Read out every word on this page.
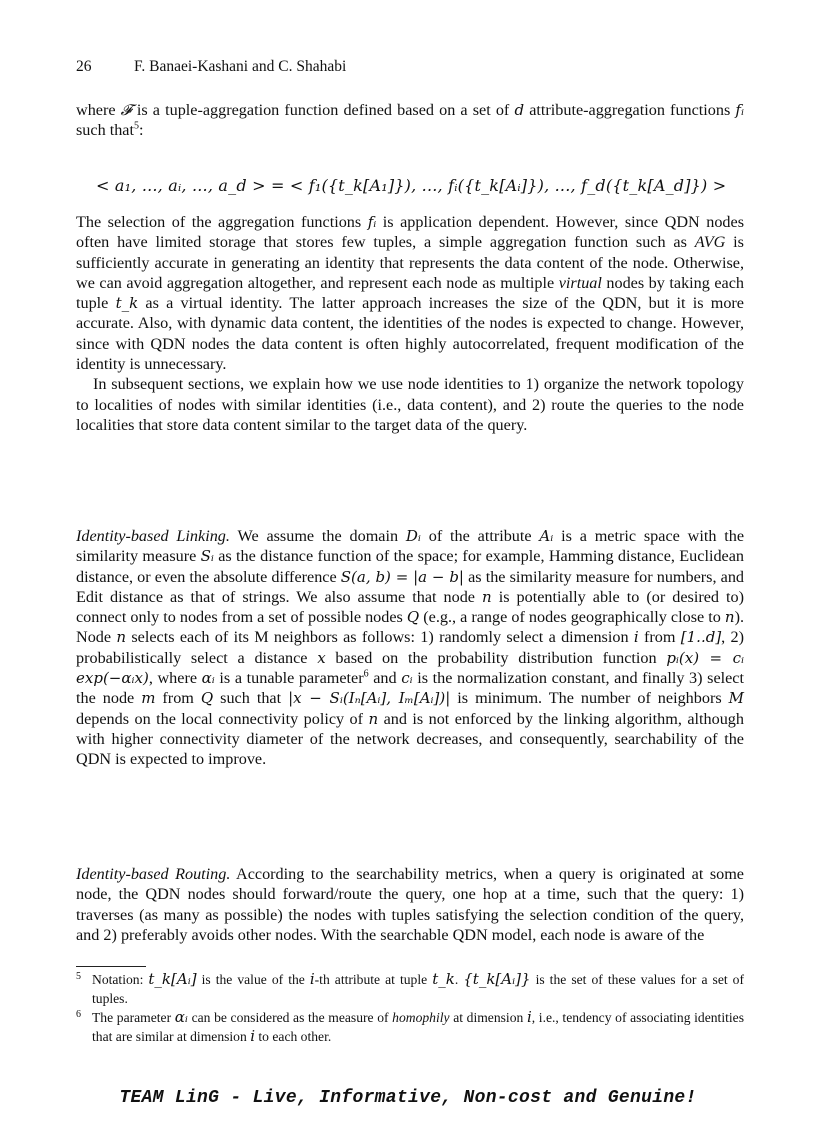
26	F. Banaei-Kashani and C. Shahabi

where 𝓕 is a tuple-aggregation function defined based on a set of d attribute-aggregation functions fᵢ such that$^5$:

< a₁, ..., aᵢ, ..., a_d > = < f₁({t_k[A₁]}), ..., fᵢ({t_k[Aᵢ]}), ..., f_d({t_k[A_d]}) >

The selection of the aggregation functions fᵢ is application dependent. However, since QDN nodes often have limited storage that stores few tuples, a simple aggregation function such as AVG is sufficiently accurate in generating an identity that represents the data content of the node. Otherwise, we can avoid aggregation altogether, and represent each node as multiple virtual nodes by taking each tuple t_k as a virtual identity. The latter approach increases the size of the QDN, but it is more accurate. Also, with dynamic data content, the identities of the nodes is expected to change. However, since with QDN nodes the data content is often highly autocorrelated, frequent modification of the identity is unnecessary.

In subsequent sections, we explain how we use node identities to 1) organize the network topology to localities of nodes with similar identities (i.e., data content), and 2) route the queries to the node localities that store data content similar to the target data of the query.

Identity-based Linking. We assume the domain Dᵢ of the attribute Aᵢ is a metric space with the similarity measure Sᵢ as the distance function of the space; for example, Hamming distance, Euclidean distance, or even the absolute difference S(a, b) = |a − b| as the similarity measure for numbers, and Edit distance as that of strings. We also assume that node n is potentially able to (or desired to) connect only to nodes from a set of possible nodes Q (e.g., a range of nodes geographically close to n). Node n selects each of its M neighbors as follows: 1) randomly select a dimension i from [1..d], 2) probabilistically select a distance x based on the probability distribution function pᵢ(x) = cᵢ exp(−αᵢx), where αᵢ is a tunable parameter$^6$ and cᵢ is the normalization constant, and finally 3) select the node m from Q such that |x − Sᵢ(Iₙ[Aᵢ], Iₘ[Aᵢ])| is minimum. The number of neighbors M depends on the local connectivity policy of n and is not enforced by the linking algorithm, although with higher connectivity diameter of the network decreases, and consequently, searchability of the QDN is expected to improve.

Identity-based Routing. According to the searchability metrics, when a query is originated at some node, the QDN nodes should forward/route the query, one hop at a time, such that the query: 1) traverses (as many as possible) the nodes with tuples satisfying the selection condition of the query, and 2) preferably avoids other nodes. With the searchable QDN model, each node is aware of the

5 Notation: t_k[Aᵢ] is the value of the i-th attribute at tuple t_k. {t_k[Aᵢ]} is the set of these values for a set of tuples.
6 The parameter αᵢ can be considered as the measure of homophily at dimension i, i.e., tendency of associating identities that are similar at dimension i to each other.
TEAM LinG - Live, Informative, Non-cost and Genuine!
